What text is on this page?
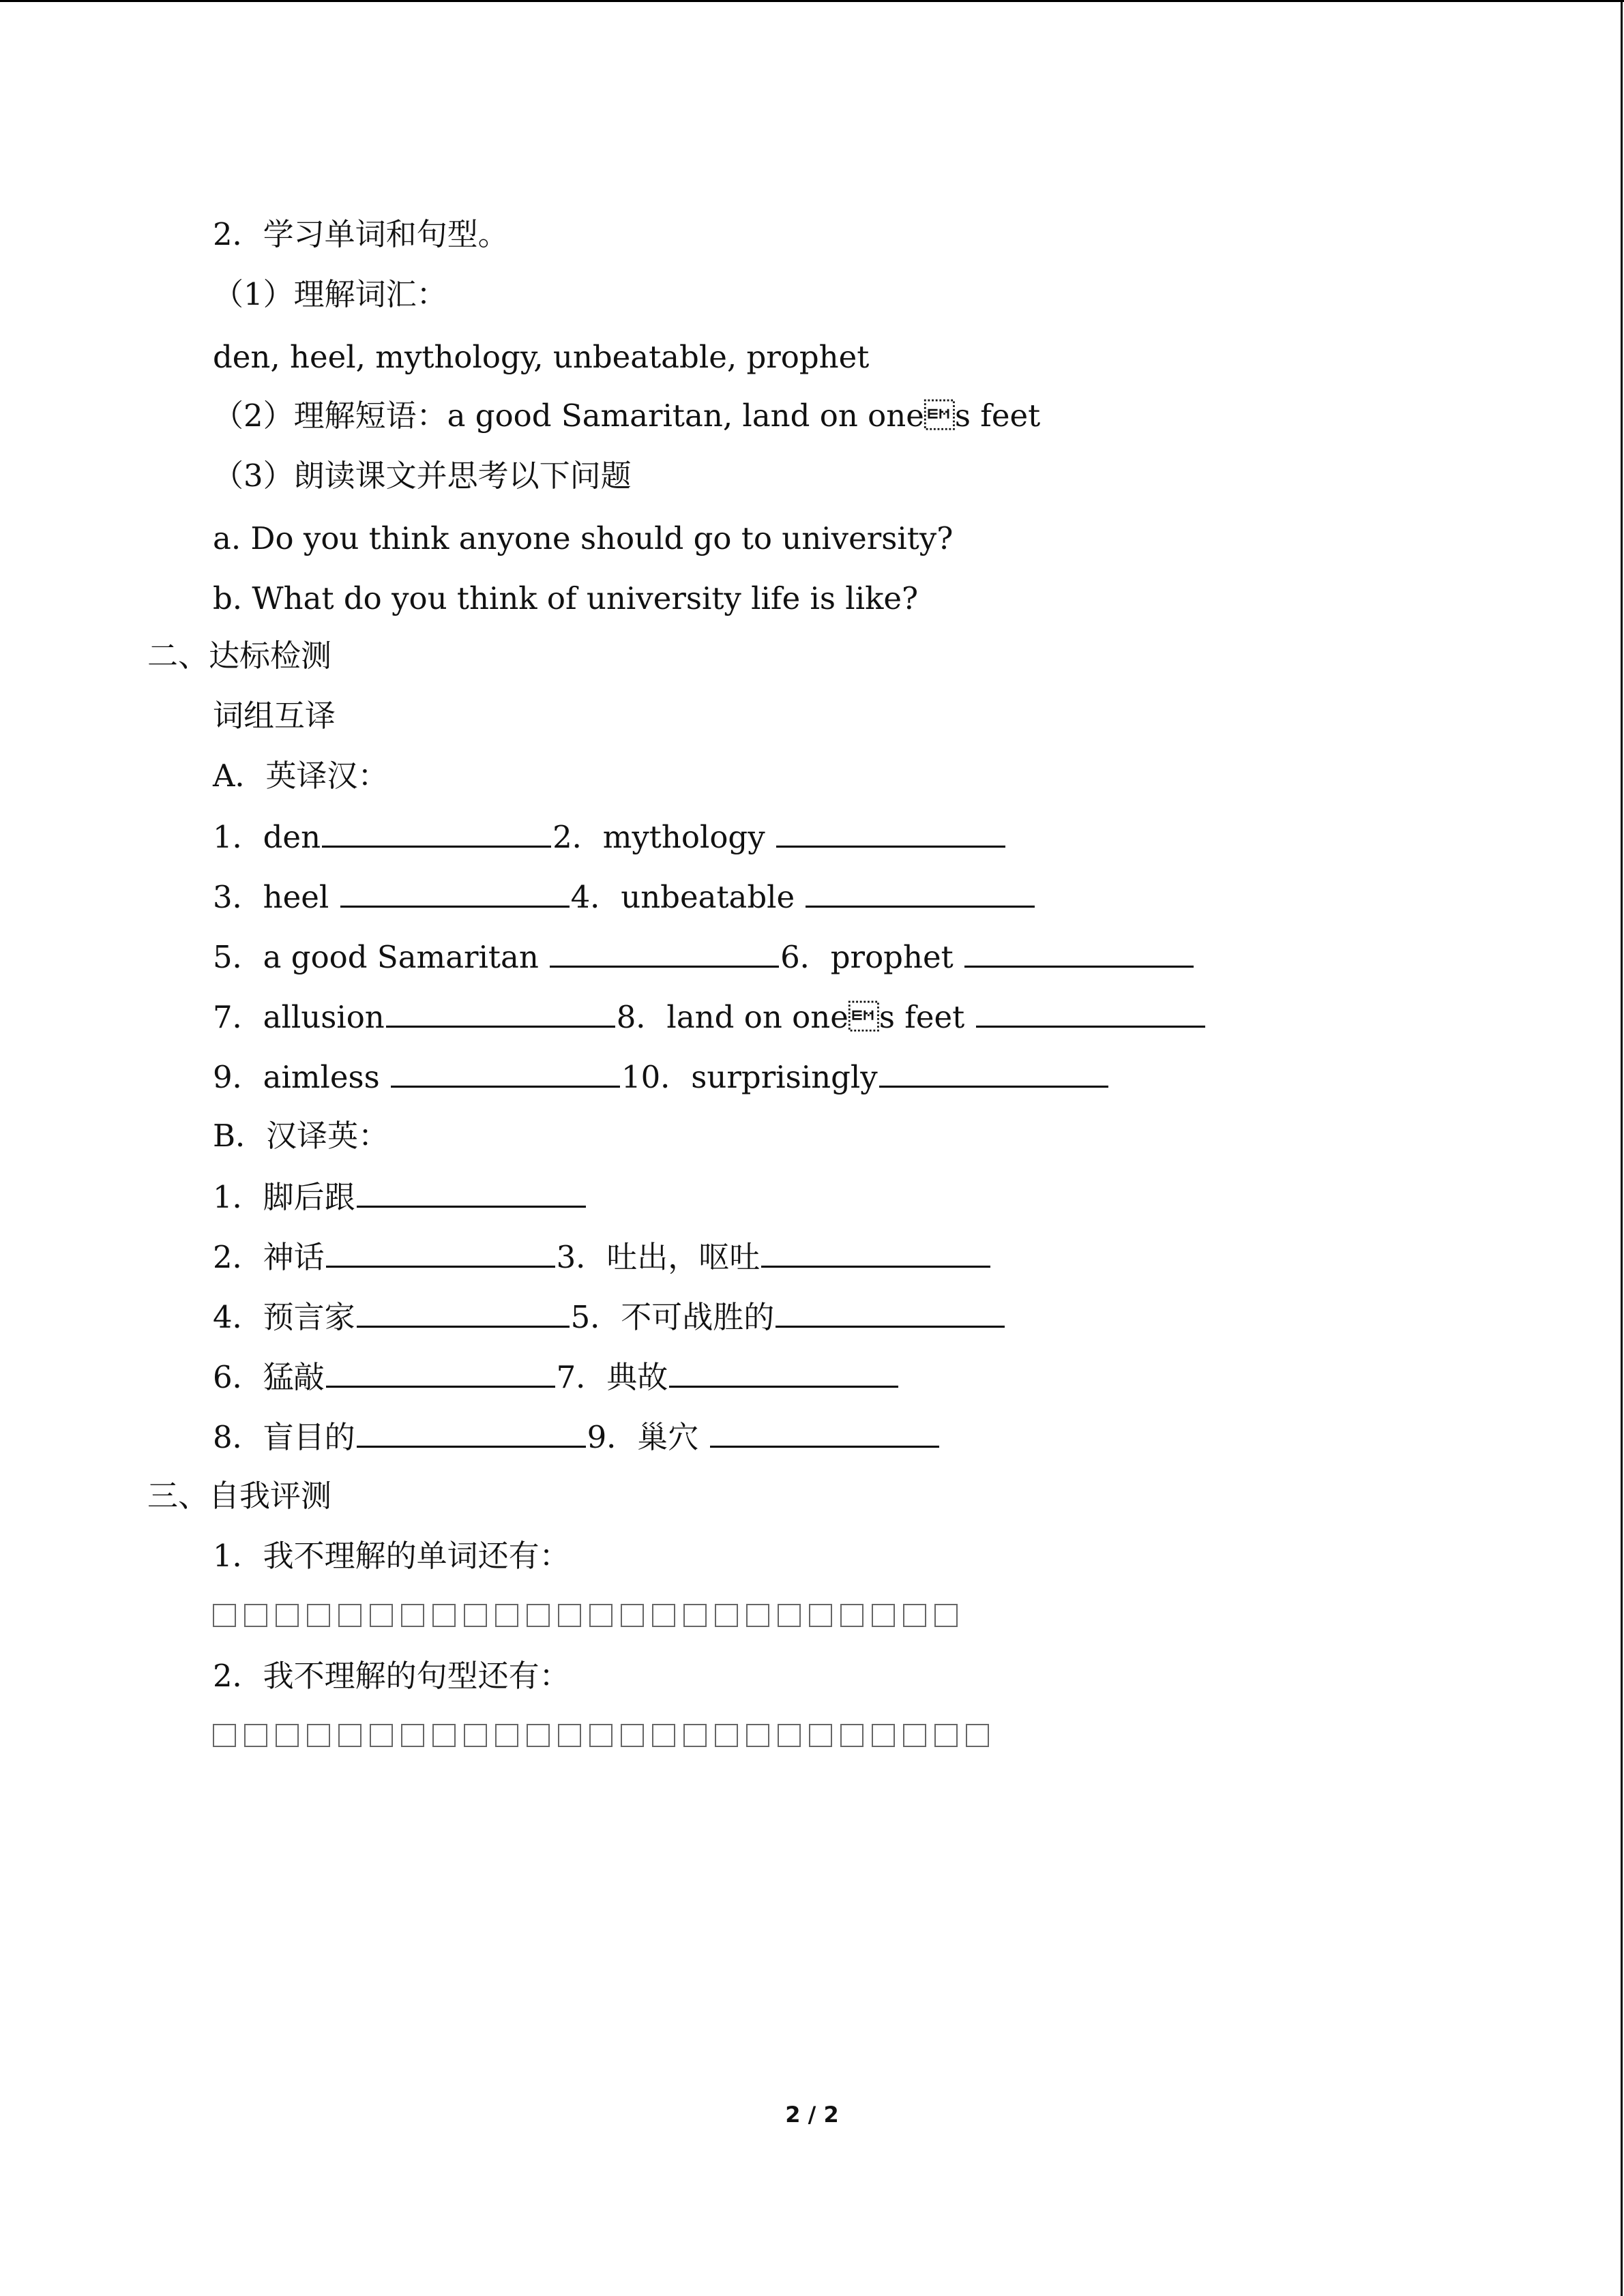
2．学习单词和句型。
（1）理解词汇：
den, heel, mythology, unbeatable, prophet
（2）理解短语：a good Samaritan, land on ones feet
（3）朗读课文并思考以下问题
a. Do you think anyone should go to university?
b. What do you think of university life is like?
二、达标检测
词组互译
A．英译汉：
1．den	2．mythology
3．heel	4．unbeatable
5．a good Samaritan	6．prophet
7．allusion	8．land on ones feet
9．aimless	10．surprisingly
B．汉译英：
1．脚后跟
2．神话	3．吐出，呕吐
4．预言家	5．不可战胜的
6．猛敲	7．典故
8．盲目的	9．巢穴
三、自我评测
1．我不理解的单词还有：
2．我不理解的句型还有：
2 / 2
